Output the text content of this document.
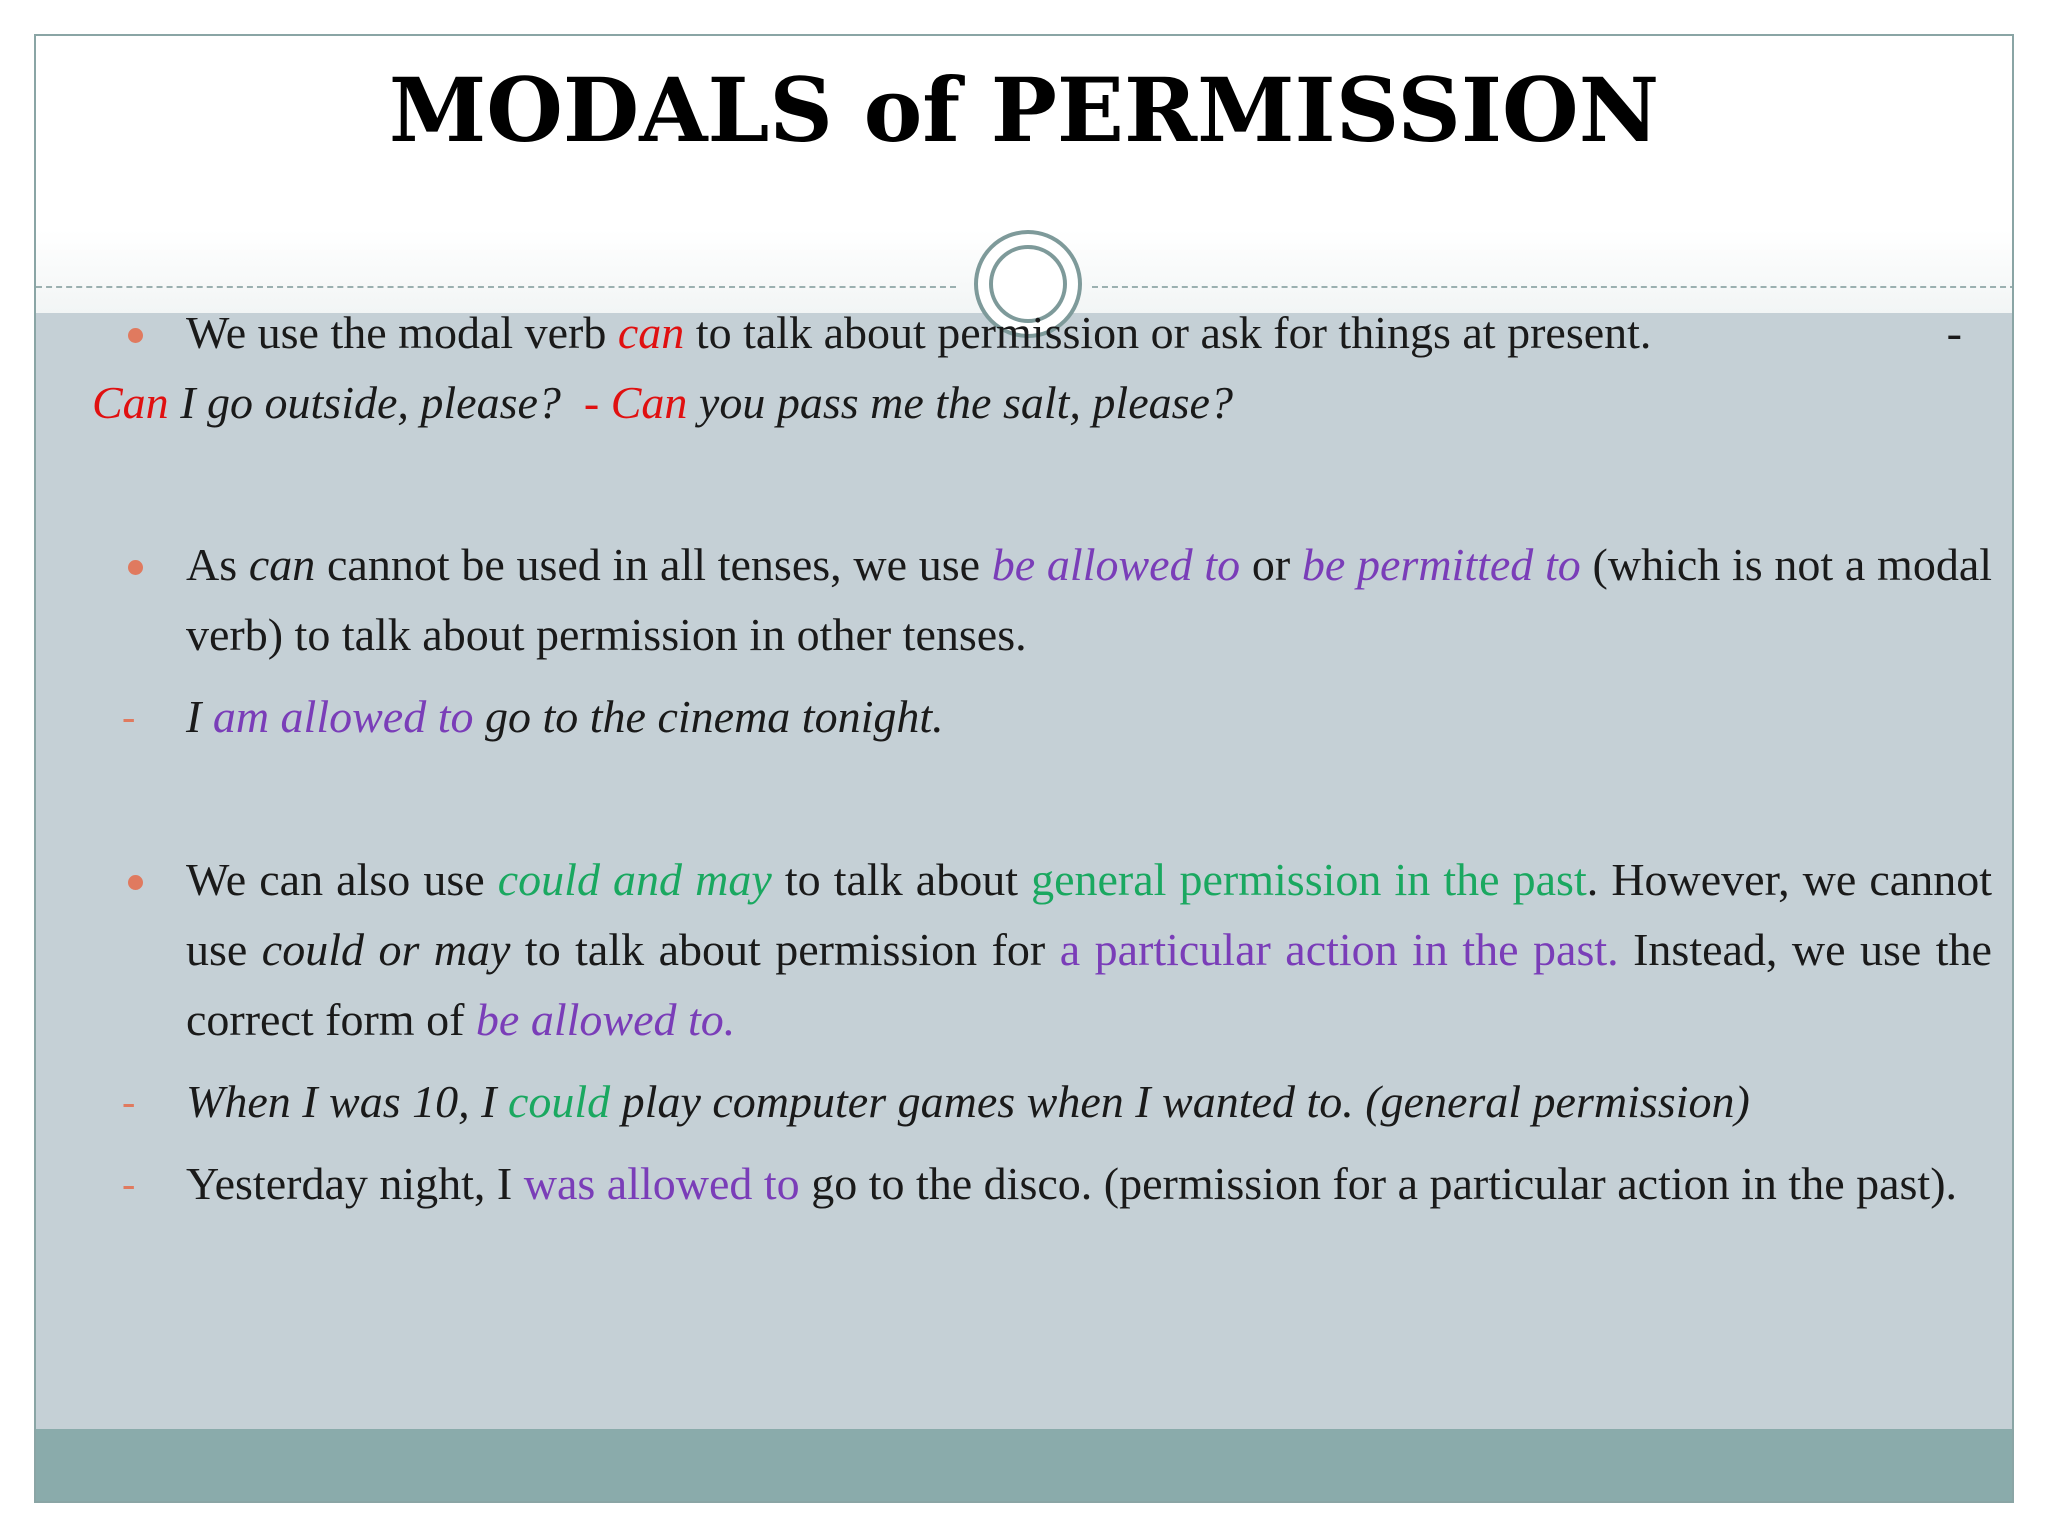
MODALS of PERMISSION
We use the modal verb can to talk about permission or ask for things at present.	-
Can I go outside, please? - Can you pass me the salt, please?
As can cannot be used in all tenses, we use be allowed to or be permitted to (which is not a modal verb) to talk about permission in other tenses.
- I am allowed to go to the cinema tonight.
We can also use could and may to talk about general permission in the past. However, we cannot use could or may to talk about permission for a particular action in the past. Instead, we use the correct form of be allowed to.
- When I was 10, I could play computer games when I wanted to. (general permission)
- Yesterday night, I was allowed to go to the disco. (permission for a particular action in the past).
